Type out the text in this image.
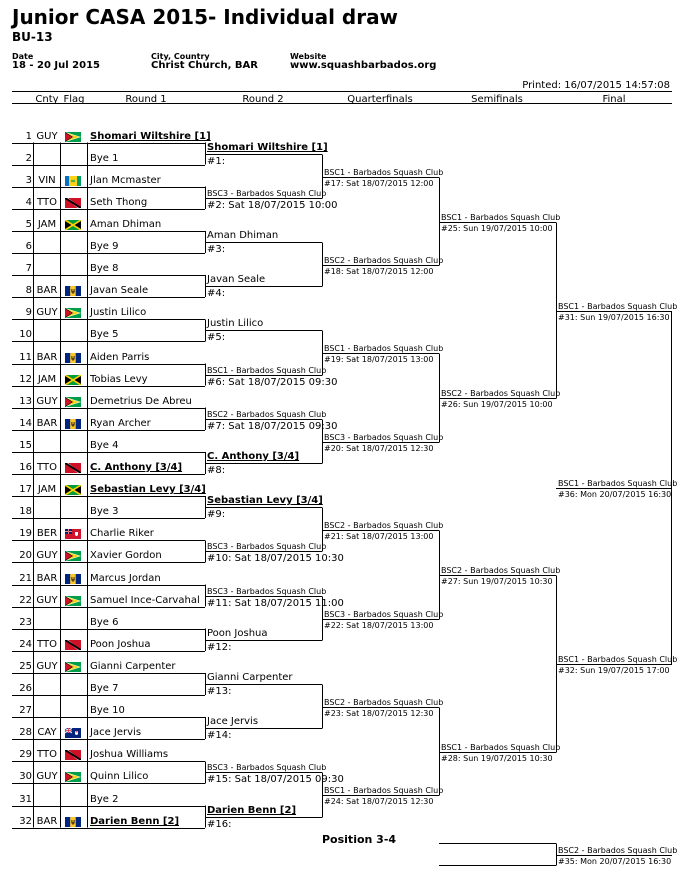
Junior CASA 2015- Individual draw
BU-13
Date
18 - 20 Jul 2015
City, Country
Christ Church, BAR
Website
www.squashbarbados.org
Printed: 16/07/2015 14:57:08
Cnty Flag	Round 1	Round 2	Quarterfinals	Semifinals	Final
1 GUY	Shomari Wiltshire [1]
2	Bye 1
3 VIN	Jlan Mcmaster
4 TTO	Seth Thong
5 JAM	Aman Dhiman
6	Bye 9
7	Bye 8
8 BAR	Javan Seale
9 GUY	Justin Lilico
10	Bye 5
11 BAR	Aiden Parris
12 JAM	Tobias Levy
13 GUY	Demetrius De Abreu
14 BAR	Ryan Archer
15	Bye 4
16 TTO	C. Anthony [3/4]
17 JAM	Sebastian Levy [3/4]
18	Bye 3
19 BER	Charlie Riker
20 GUY	Xavier Gordon
21 BAR	Marcus Jordan
22 GUY	Samuel Ince-Carvahal
23	Bye 6
24 TTO	Poon Joshua
25 GUY	Gianni Carpenter
26	Bye 7
27	Bye 10
28 CAY	Jace Jervis
29 TTO	Joshua Williams
30 GUY	Quinn Lilico
31	Bye 2
32 BAR	Darien Benn [2]
Shomari Wiltshire [1]
#1:
BSC3 - Barbados Squash Club
#2: Sat 18/07/2015 10:00
Aman Dhiman
#3:
Javan Seale
#4:
Justin Lilico
#5:
BSC1 - Barbados Squash Club
#6: Sat 18/07/2015 09:30
BSC2 - Barbados Squash Club
#7: Sat 18/07/2015 09:30
C. Anthony [3/4]
#8:
Sebastian Levy [3/4]
#9:
BSC3 - Barbados Squash Club
#10: Sat 18/07/2015 10:30
BSC3 - Barbados Squash Club
#11: Sat 18/07/2015 11:00
Poon Joshua
#12:
Gianni Carpenter
#13:
Jace Jervis
#14:
BSC3 - Barbados Squash Club
#15: Sat 18/07/2015 09:30
Darien Benn [2]
#16:
BSC1 - Barbados Squash Club
#17: Sat 18/07/2015 12:00
BSC2 - Barbados Squash Club
#18: Sat 18/07/2015 12:00
BSC1 - Barbados Squash Club
#19: Sat 18/07/2015 13:00
BSC3 - Barbados Squash Club
#20: Sat 18/07/2015 12:30
BSC2 - Barbados Squash Club
#21: Sat 18/07/2015 13:00
BSC3 - Barbados Squash Club
#22: Sat 18/07/2015 13:00
BSC2 - Barbados Squash Club
#23: Sat 18/07/2015 12:30
BSC1 - Barbados Squash Club
#24: Sat 18/07/2015 12:30
BSC1 - Barbados Squash Club
#25: Sun 19/07/2015 10:00
BSC2 - Barbados Squash Club
#26: Sun 19/07/2015 10:00
BSC2 - Barbados Squash Club
#27: Sun 19/07/2015 10:30
BSC1 - Barbados Squash Club
#28: Sun 19/07/2015 10:30
BSC1 - Barbados Squash Club
#31: Sun 19/07/2015 16:30
BSC1 - Barbados Squash Club
#32: Sun 19/07/2015 17:00
BSC1 - Barbados Squash Club
#36: Mon 20/07/2015 16:30
BSC2 - Barbados Squash Club
#35: Mon 20/07/2015 16:30
Position 3-4
